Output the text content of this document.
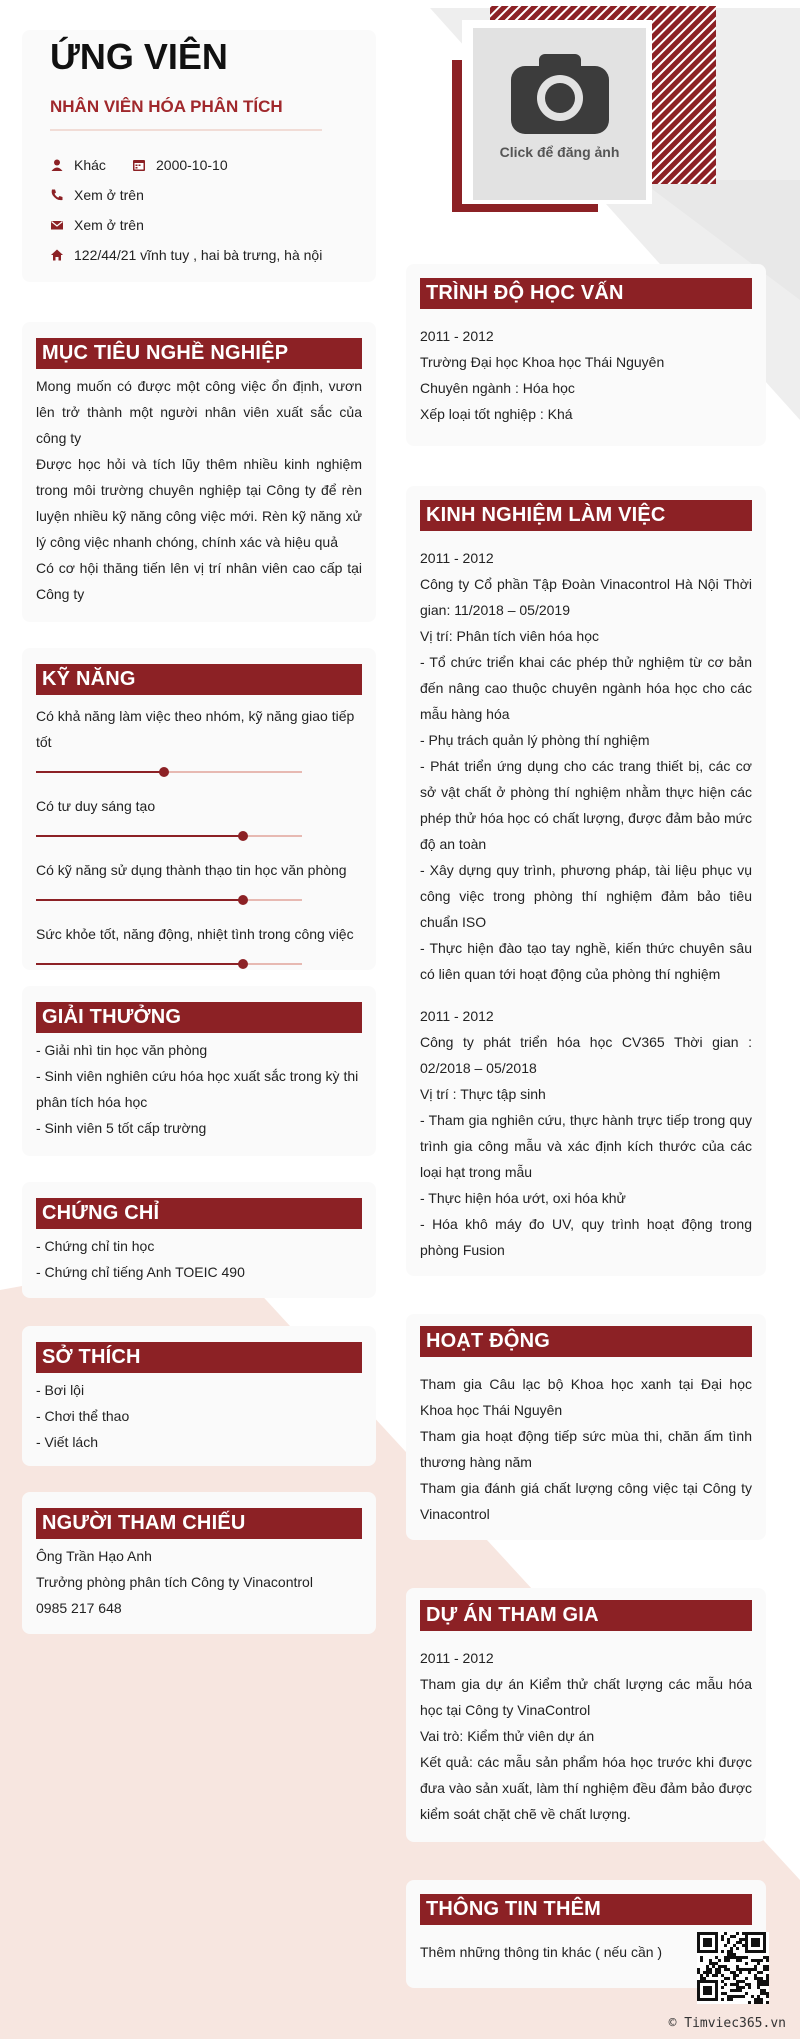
ỨNG VIÊN
NHÂN VIÊN HÓA PHÂN TÍCH
Khác	2000-10-10
Xem ở trên
Xem ở trên
122/44/21 vĩnh tuy , hai bà trưng, hà nội
Click để đăng ảnh
MỤC TIÊU NGHỀ NGHIỆP

Mong muốn có được một công việc ổn định, vươn lên trở thành một người nhân viên xuất sắc của công ty

Được học hỏi và tích lũy thêm nhiều kinh nghiệm trong môi trường chuyên nghiệp tại Công ty để rèn luyện nhiều kỹ năng công việc mới. Rèn kỹ năng xử lý công việc nhanh chóng, chính xác và hiệu quả

Có cơ hội thăng tiến lên vị trí nhân viên cao cấp tại Công ty

KỸ NĂNG

Có khả năng làm việc theo nhóm, kỹ năng giao tiếp tốt

Có tư duy sáng tạo

Có kỹ năng sử dụng thành thạo tin học văn phòng

Sức khỏe tốt, năng động, nhiệt tình trong công việc

GIẢI THƯỞNG

- Giải nhì tin học văn phòng

- Sinh viên nghiên cứu hóa học xuất sắc trong kỳ thi phân tích hóa học

- Sinh viên 5 tốt cấp trường

CHỨNG CHỈ

- Chứng chỉ tin học

- Chứng chỉ tiếng Anh TOEIC 490

SỞ THÍCH

- Bơi lội

- Chơi thể thao

- Viết lách

NGƯỜI THAM CHIẾU

Ông Trần Hạo Anh

Trưởng phòng phân tích Công ty Vinacontrol

0985 217 648

TRÌNH ĐỘ HỌC VẤN

2011 - 2012

Trường Đại học Khoa học Thái Nguyên

Chuyên ngành : Hóa học

Xếp loại tốt nghiệp : Khá

KINH NGHIỆM LÀM VIỆC

2011 - 2012

Công ty Cổ phần Tập Đoàn Vinacontrol Hà Nội Thời gian: 11/2018 – 05/2019

Vị trí: Phân tích viên hóa học

- Tổ chức triển khai các phép thử nghiệm từ cơ bản đến nâng cao thuộc chuyên ngành hóa học cho các mẫu hàng hóa

- Phụ trách quản lý phòng thí nghiệm

- Phát triển ứng dụng cho các trang thiết bị, các cơ sở vật chất ở phòng thí nghiệm nhằm thực hiện các phép thử hóa học có chất lượng, được đảm bảo mức độ an toàn

- Xây dựng quy trình, phương pháp, tài liệu phục vụ công việc trong phòng thí nghiệm đảm bảo tiêu chuẩn ISO

- Thực hiện đào tạo tay nghề, kiến thức chuyên sâu có liên quan tới hoạt động của phòng thí nghiệm

2011 - 2012

Công ty phát triển hóa học CV365 Thời gian : 02/2018 – 05/2018

Vị trí : Thực tập sinh

- Tham gia nghiên cứu, thực hành trực tiếp trong quy trình gia công mẫu và xác định kích thước của các loại hạt trong mẫu

- Thực hiện hóa ướt, oxi hóa khử

- Hóa khô máy đo UV, quy trình hoạt động trong phòng Fusion

HOẠT ĐỘNG

Tham gia Câu lạc bộ Khoa học xanh tại Đại học Khoa học Thái Nguyên

Tham gia hoạt động tiếp sức mùa thi, chăn ấm tình thương hàng năm

Tham gia đánh giá chất lượng công việc tại Công ty Vinacontrol

DỰ ÁN THAM GIA

2011 - 2012

Tham gia dự án Kiểm thử chất lượng các mẫu hóa học tại Công ty VinaControl

Vai trò: Kiểm thử viên dự án

Kết quả: các mẫu sản phẩm hóa học trước khi được đưa vào sản xuất, làm thí nghiệm đều đảm bảo được kiểm soát chặt chẽ về chất lượng.

THÔNG TIN THÊM
Thêm những thông tin khác ( nếu cần )
© Timviec365.vn
